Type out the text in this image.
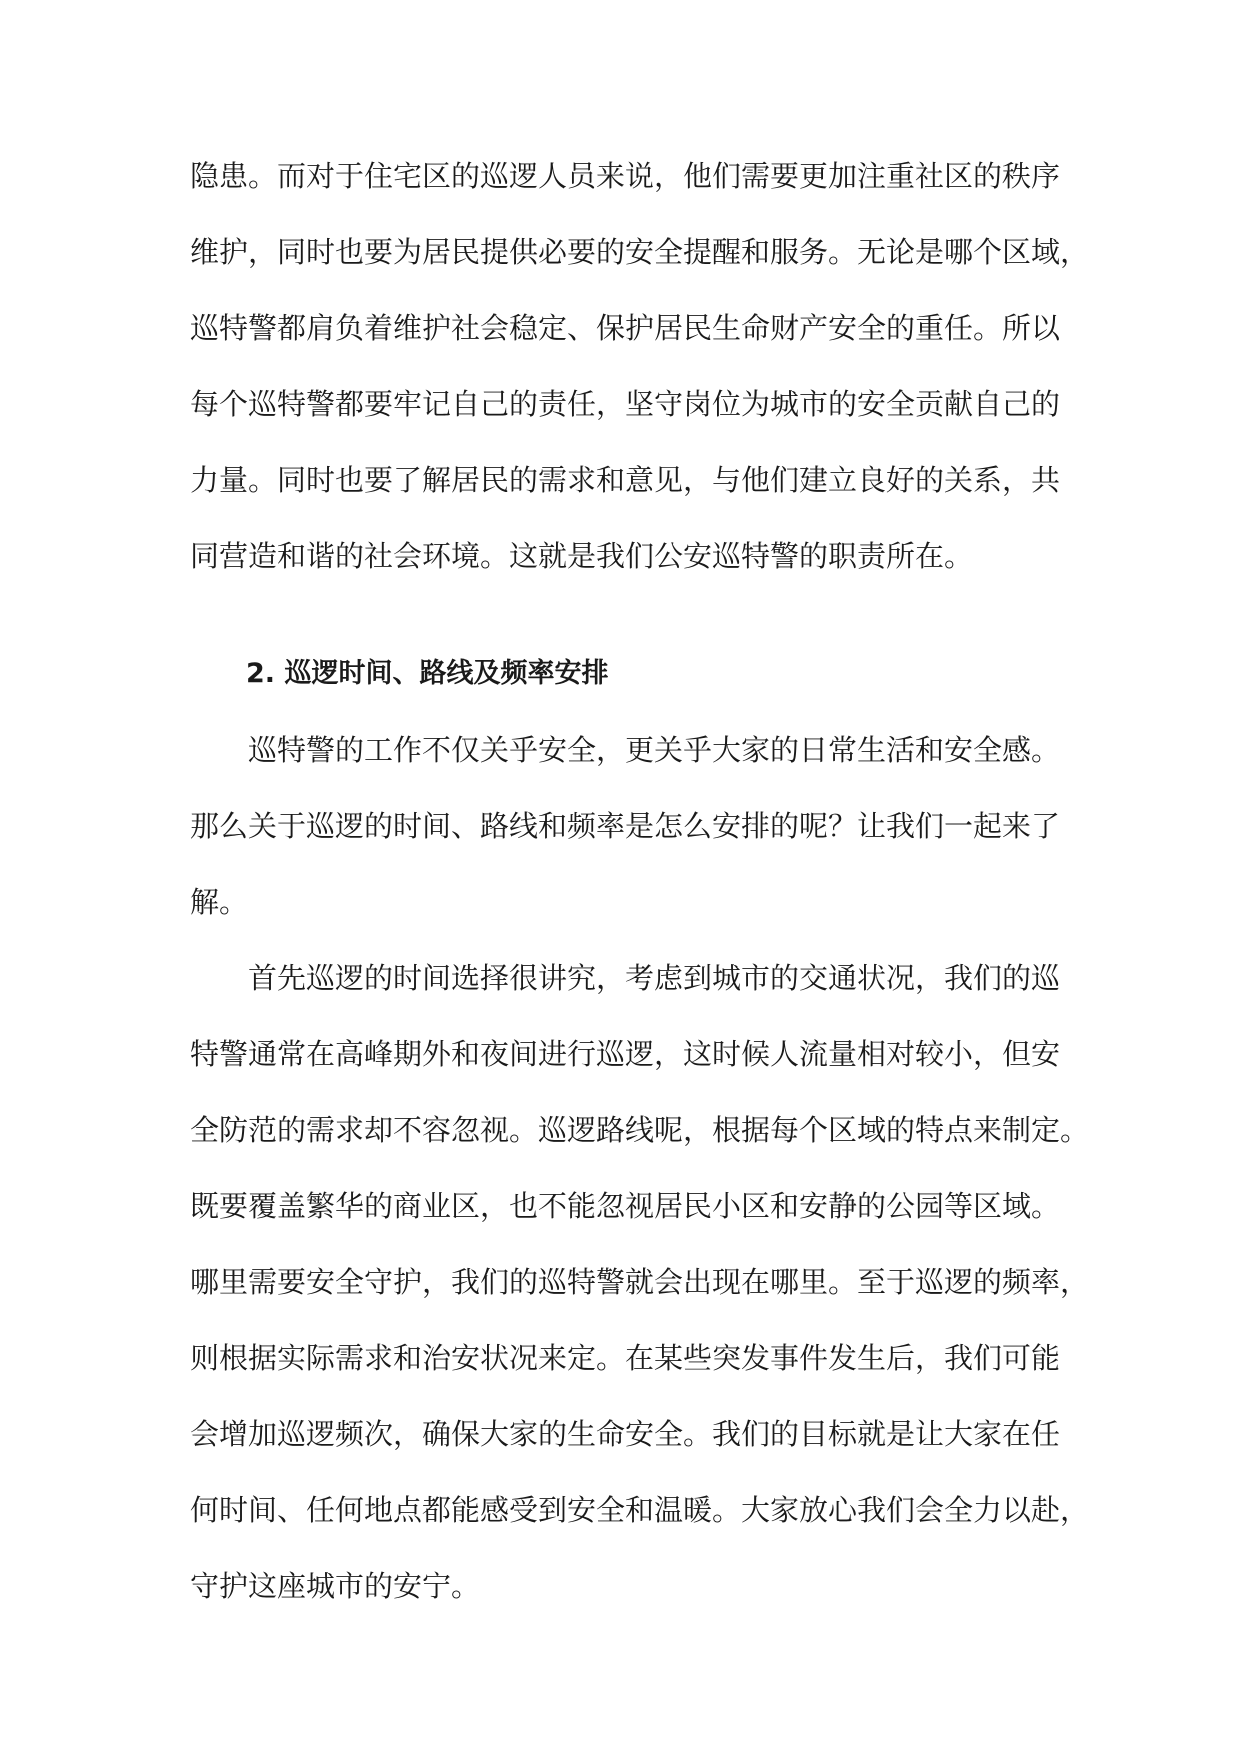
隐患。而对于住宅区的巡逻人员来说，他们需要更加注重社区的秩序
维护，同时也要为居民提供必要的安全提醒和服务。无论是哪个区域，
巡特警都肩负着维护社会稳定、保护居民生命财产安全的重任。所以
每个巡特警都要牢记自己的责任，坚守岗位为城市的安全贡献自己的
力量。同时也要了解居民的需求和意见，与他们建立良好的关系，共
同营造和谐的社会环境。这就是我们公安巡特警的职责所在。
2. 巡逻时间、路线及频率安排
巡特警的工作不仅关乎安全，更关乎大家的日常生活和安全感。
那么关于巡逻的时间、路线和频率是怎么安排的呢？让我们一起来了
解。
首先巡逻的时间选择很讲究，考虑到城市的交通状况，我们的巡
特警通常在高峰期外和夜间进行巡逻，这时候人流量相对较小，但安
全防范的需求却不容忽视。巡逻路线呢，根据每个区域的特点来制定。
既要覆盖繁华的商业区，也不能忽视居民小区和安静的公园等区域。
哪里需要安全守护，我们的巡特警就会出现在哪里。至于巡逻的频率，
则根据实际需求和治安状况来定。在某些突发事件发生后，我们可能
会增加巡逻频次，确保大家的生命安全。我们的目标就是让大家在任
何时间、任何地点都能感受到安全和温暖。大家放心我们会全力以赴，
守护这座城市的安宁。
